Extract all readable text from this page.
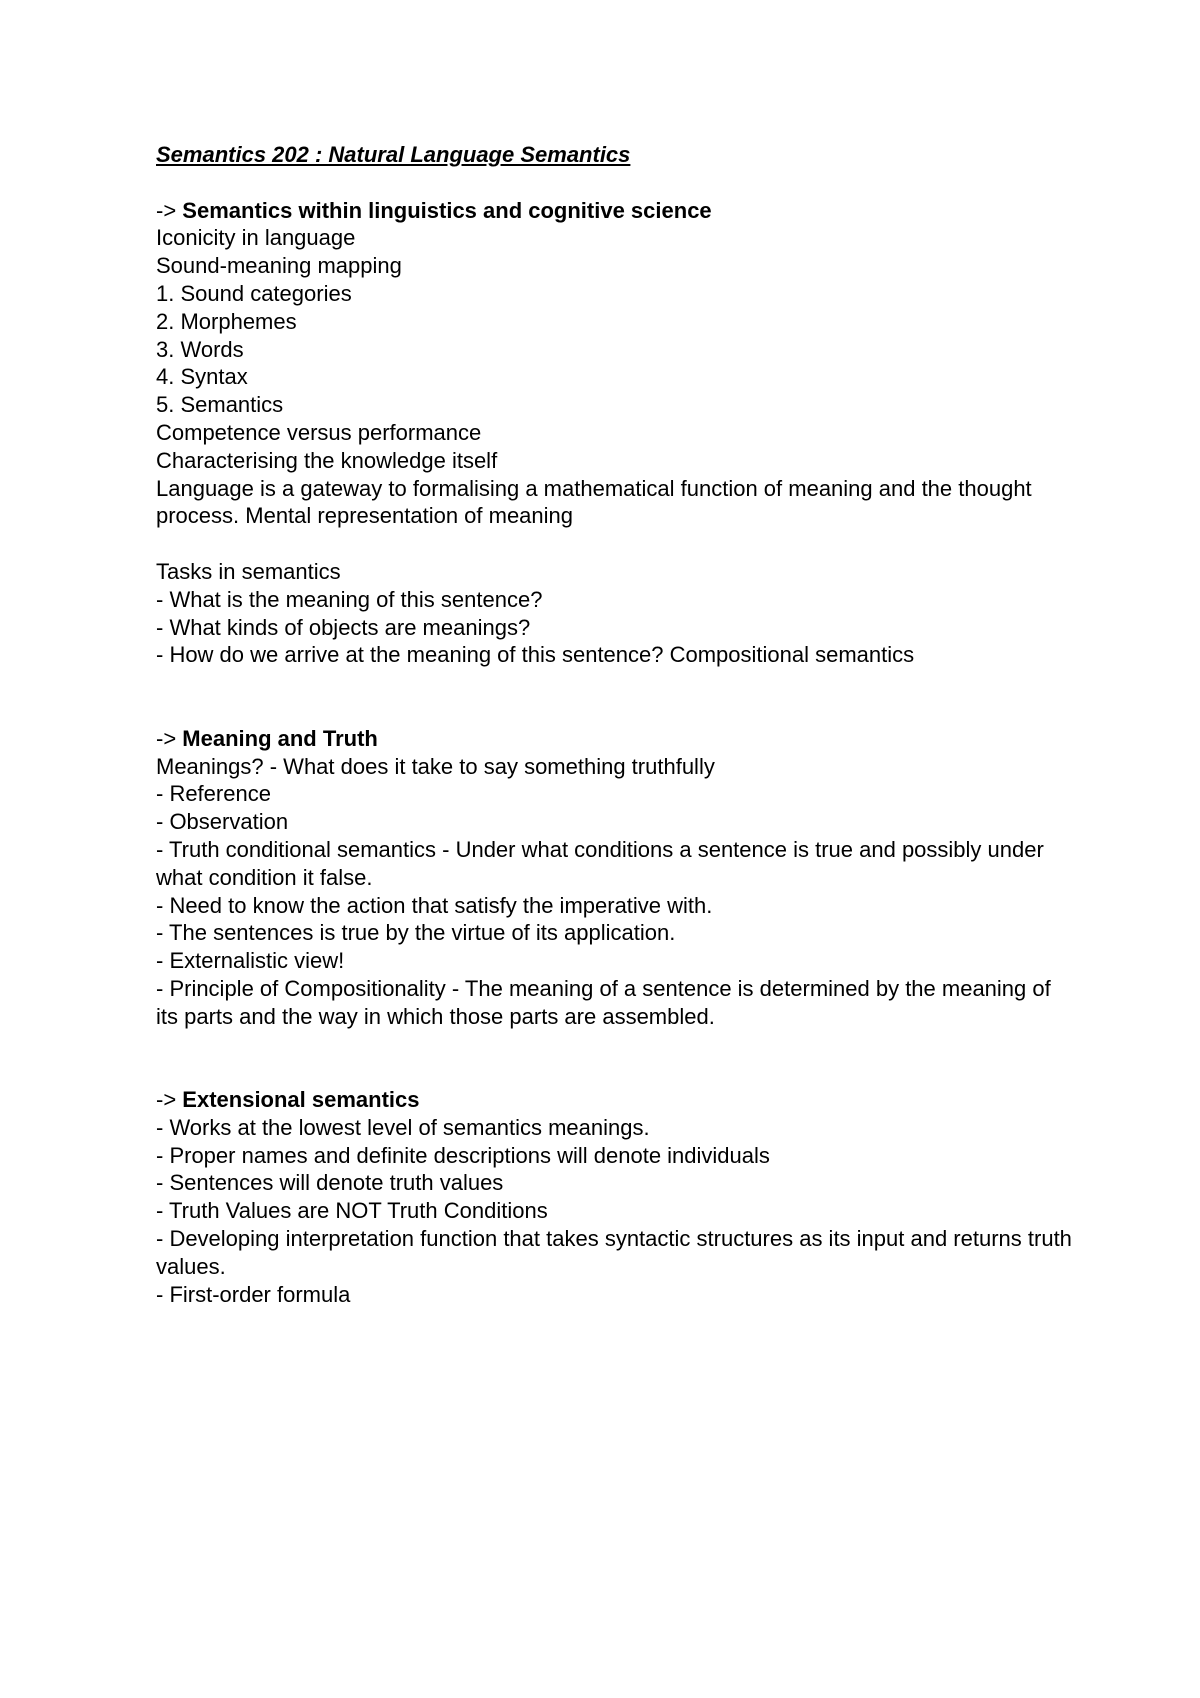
Semantics 202 : Natural Language Semantics

-> Semantics within linguistics and cognitive science

Iconicity in language

Sound-meaning mapping

1. Sound categories

2. Morphemes

3. Words

4. Syntax

5. Semantics

Competence versus performance

Characterising the knowledge itself

Language is a gateway to formalising a mathematical function of meaning and the thought process. Mental representation of meaning

Tasks in semantics

- What is the meaning of this sentence?

- What kinds of objects are meanings?

- How do we arrive at the meaning of this sentence? Compositional semantics

-> Meaning and Truth

Meanings? - What does it take to say something truthfully

- Reference

- Observation

- Truth conditional semantics - Under what conditions a sentence is true and possibly under what condition it false.

- Need to know the action that satisfy the imperative with.

- The sentences is true by the virtue of its application.

- Externalistic view!

- Principle of Compositionality - The meaning of a sentence is determined by the meaning of its parts and the way in which those parts are assembled.

-> Extensional semantics

- Works at the lowest level of semantics meanings.

- Proper names and definite descriptions will denote individuals

- Sentences will denote truth values

- Truth Values are NOT Truth Conditions

- Developing interpretation function that takes syntactic structures as its input and returns truth values.

- First-order formula
